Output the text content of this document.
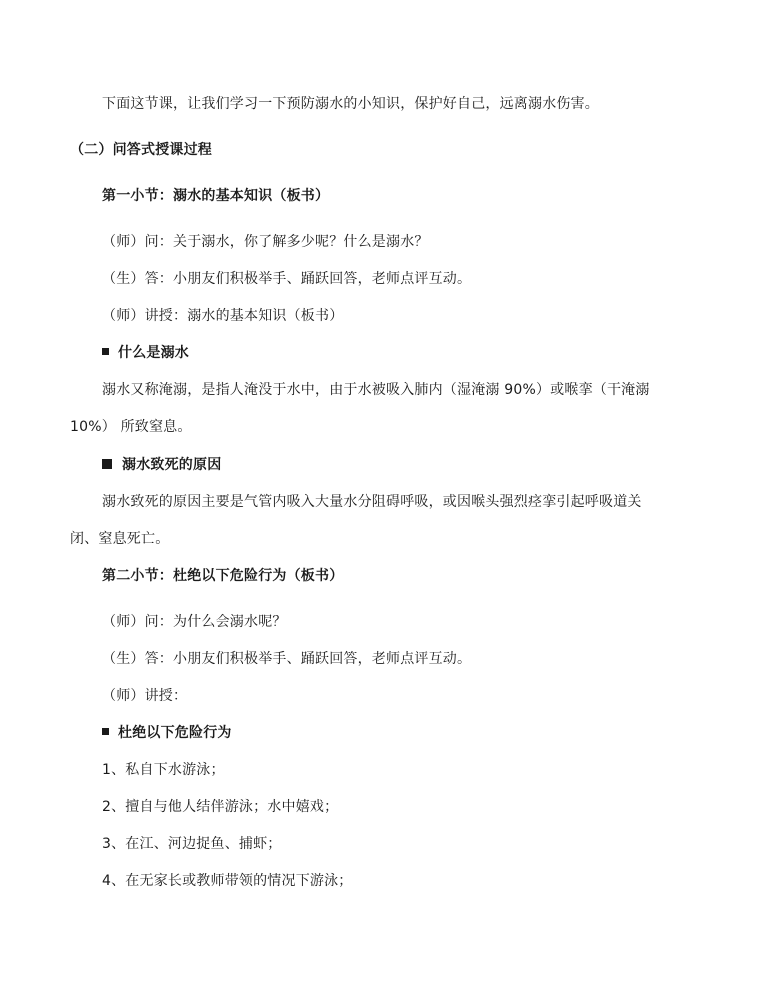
下面这节课，让我们学习一下预防溺水的小知识，保护好自己，远离溺水伤害。
（二）问答式授课过程
第一小节：溺水的基本知识（板书）
（师）问：关于溺水，你了解多少呢？什么是溺水？
（生）答：小朋友们积极举手、踊跃回答，老师点评互动。
（师）讲授：溺水的基本知识（板书）
什么是溺水
溺水又称淹溺，是指人淹没于水中，由于水被吸入肺内（湿淹溺 90%）或喉挛（干淹溺
10%） 所致窒息。
溺水致死的原因
溺水致死的原因主要是气管内吸入大量水分阻碍呼吸，或因喉头强烈痉挛引起呼吸道关
闭、窒息死亡。
第二小节：杜绝以下危险行为（板书）
（师）问：为什么会溺水呢？
（生）答：小朋友们积极举手、踊跃回答，老师点评互动。
（师）讲授：
杜绝以下危险行为
1、私自下水游泳；
2、擅自与他人结伴游泳；水中嬉戏；
3、在江、河边捉鱼、捕虾；
4、在无家长或教师带领的情况下游泳；
